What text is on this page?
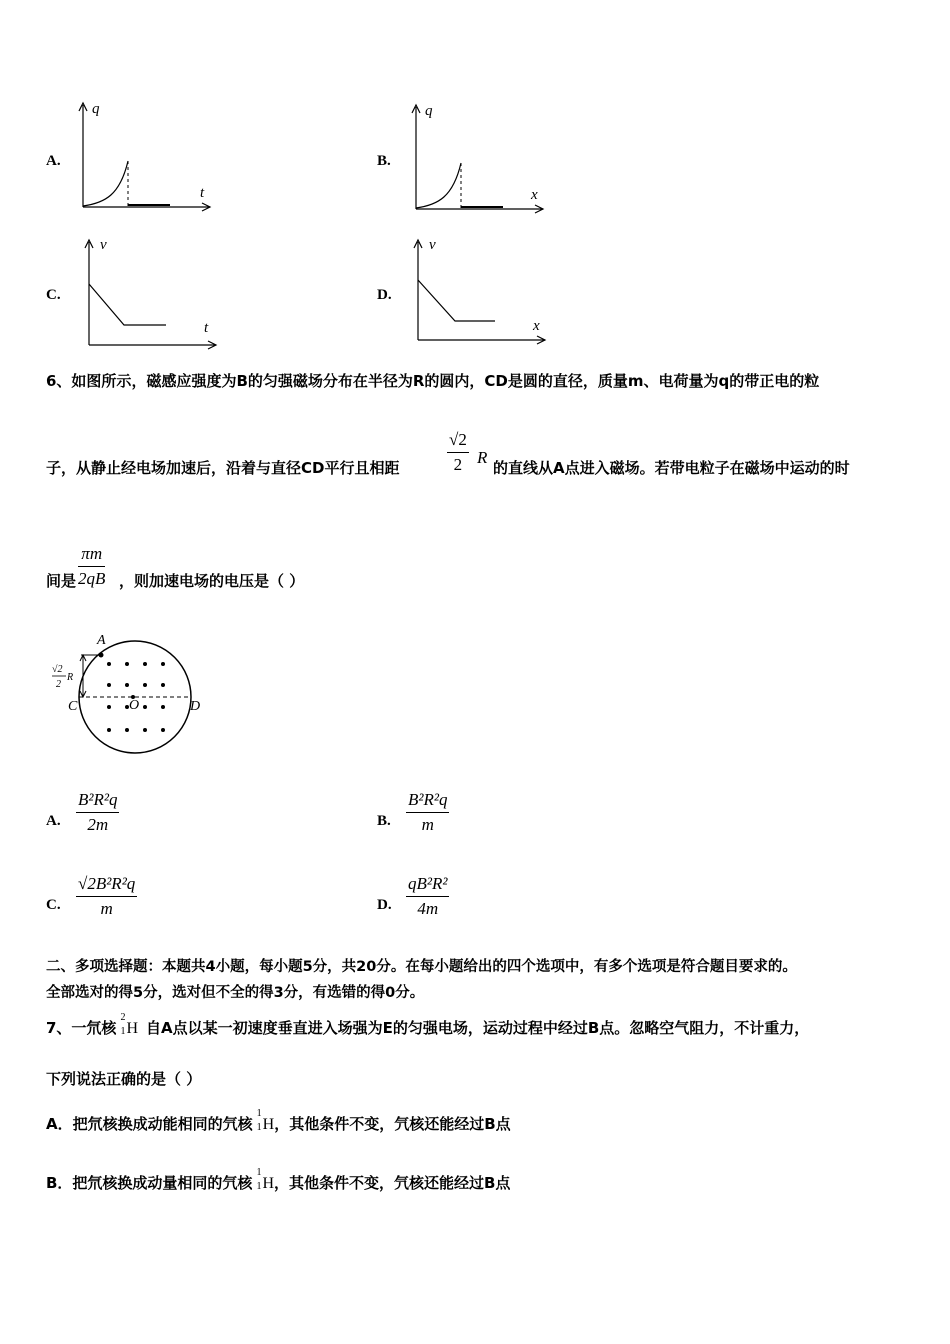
A.
q
t
B.
q
x
C.
v
t
D.
v
x
6、如图所示，磁感应强度为B的匀强磁场分布在半径为R的圆内，CD是圆的直径，质量m、电荷量为q的带正电的粒
子，从静止经电场加速后，沿着与直径CD平行且相距
√2
2 R
的直线从A点进入磁场。若带电粒子在磁场中运动的时
间是
πm
2qB ，则加速电场的电压是（ ）
A
C	D
O
√2
2
R
A.
B²R²q
2m	B.
B²R²q
m
C.
√2B²R²q
m	D.
qB²R²
4m
二、多项选择题：本题共4小题，每小题5分，共20分。在每小题给出的四个选项中，有多个选项是符合题目要求的。
全部选对的得5分，选对但不全的得3分，有选错的得0分。
7、一氘核
2
1 H 自A点以某一初速度垂直进入场强为E的匀强电场，运动过程中经过B点。忽略空气阻力，不计重力，
下列说法正确的是（ ）
A．把氘核换成动能相同的氕核
1
1 H，其他条件不变，氕核还能经过B点
B．把氘核换成动量相同的氕核
1
1 H，其他条件不变，氕核还能经过B点
